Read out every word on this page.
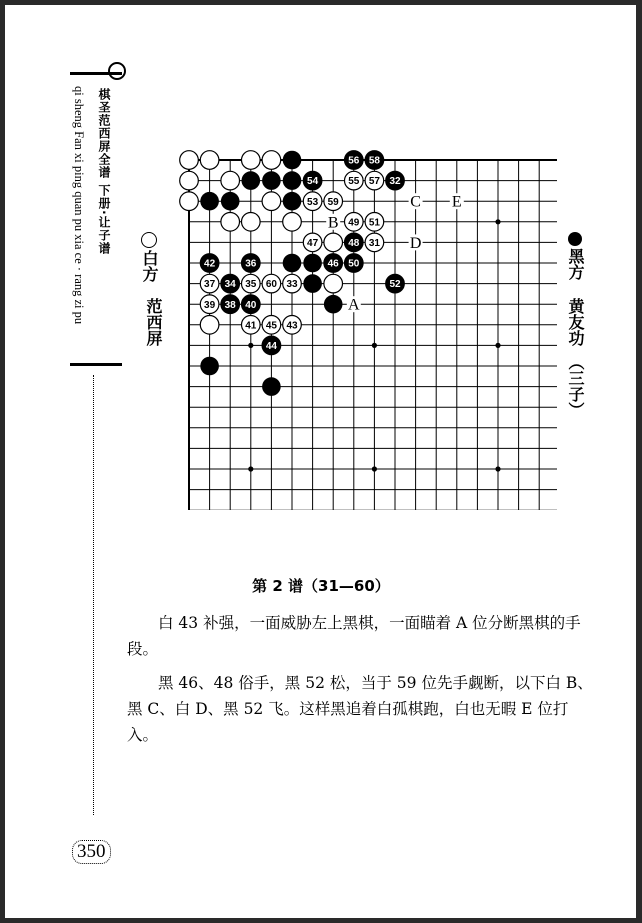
qi sheng Fan xi ping quan pu xia ce · rang zi pu 棋圣范西屏全谱 下册·让子谱
350
白方
范西屏
黑方
黄友功
（三子）
56 58
54	55 57 32
53 59
49 51
47	48 31
42	36	46 50
37 34 35 60 33	52
39 38 40
41 45 43
44
B
C E
D
A
第 2 谱（31—60）

白 43 补强，一面威胁左上黑棋，一面瞄着 A 位分断黑棋的手段。

黑 46、48 俗手，黑 52 松，当于 59 位先手觑断，以下白 B、黑 C、白 D、黑 52 飞。这样黑追着白孤棋跑，白也无暇 E 位打入。
